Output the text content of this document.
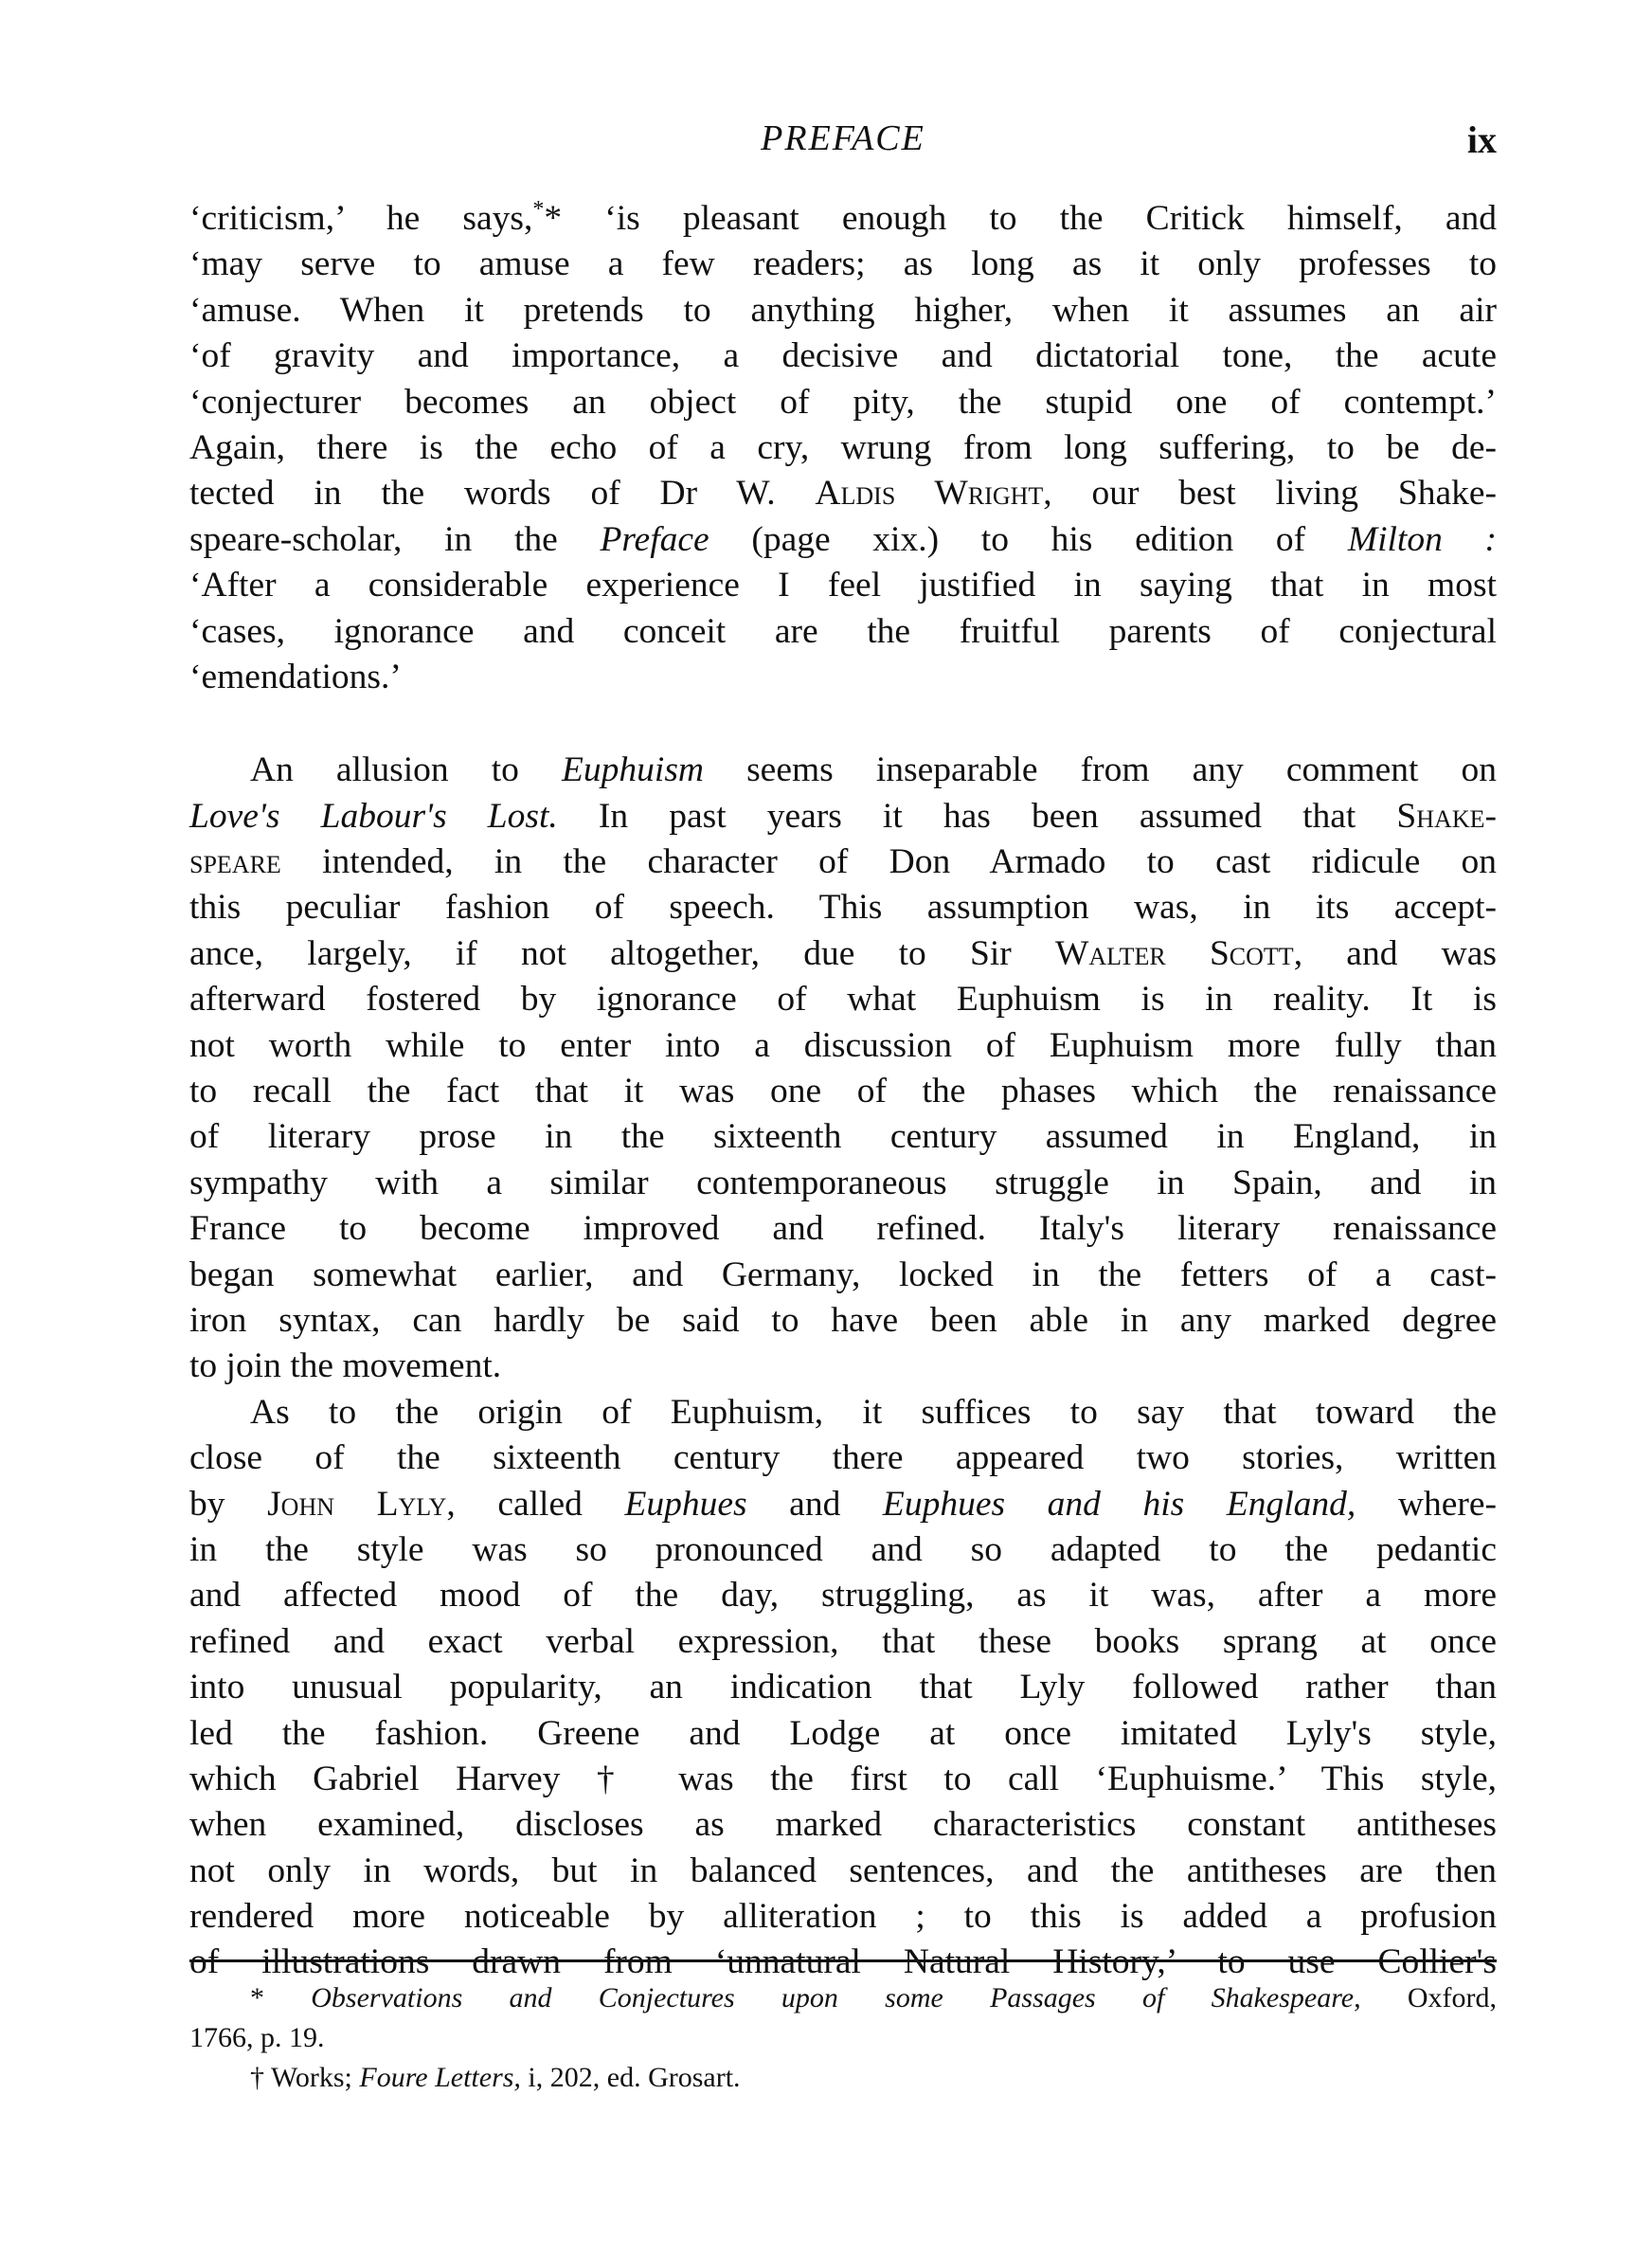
PREFACE	ix
‘criticism,’ he says,** ‘is pleasant enough to the Critick himself, and
‘may serve to amuse a few readers; as long as it only professes to
‘amuse. When it pretends to anything higher, when it assumes an air
‘of gravity and importance, a decisive and dictatorial tone, the acute
‘conjecturer becomes an object of pity, the stupid one of contempt.’
Again, there is the echo of a cry, wrung from long suffering, to be de-
tected in the words of Dr W. Aldis Wright, our best living Shake-
speare-scholar, in the Preface (page xix.) to his edition of Milton :
‘After a considerable experience I feel justified in saying that in most
‘cases, ignorance and conceit are the fruitful parents of conjectural
‘emendations.’
An allusion to Euphuism seems inseparable from any comment on
Love's Labour's Lost. In past years it has been assumed that Shake-
speare intended, in the character of Don Armado to cast ridicule on
this peculiar fashion of speech. This assumption was, in its accept-
ance, largely, if not altogether, due to Sir Walter Scott, and was
afterward fostered by ignorance of what Euphuism is in reality. It is
not worth while to enter into a discussion of Euphuism more fully than
to recall the fact that it was one of the phases which the renaissance
of literary prose in the sixteenth century assumed in England, in
sympathy with a similar contemporaneous struggle in Spain, and in
France to become improved and refined. Italy's literary renaissance
began somewhat earlier, and Germany, locked in the fetters of a cast-
iron syntax, can hardly be said to have been able in any marked degree
to join the movement.
As to the origin of Euphuism, it suffices to say that toward the
close of the sixteenth century there appeared two stories, written
by John Lyly, called Euphues and Euphues and his England, where-
in the style was so pronounced and so adapted to the pedantic
and affected mood of the day, struggling, as it was, after a more
refined and exact verbal expression, that these books sprang at once
into unusual popularity, an indication that Lyly followed rather than
led the fashion. Greene and Lodge at once imitated Lyly's style,
which Gabriel Harvey † was the first to call ‘Euphuisme.’ This style,
when examined, discloses as marked characteristics constant antitheses
not only in words, but in balanced sentences, and the antitheses are then
rendered more noticeable by alliteration ; to this is added a profusion
of illustrations drawn from ‘unnatural Natural History,’ to use Collier's
* Observations and Conjectures upon some Passages of Shakespeare, Oxford,
1766, p. 19.
† Works; Foure Letters, i, 202, ed. Grosart.
